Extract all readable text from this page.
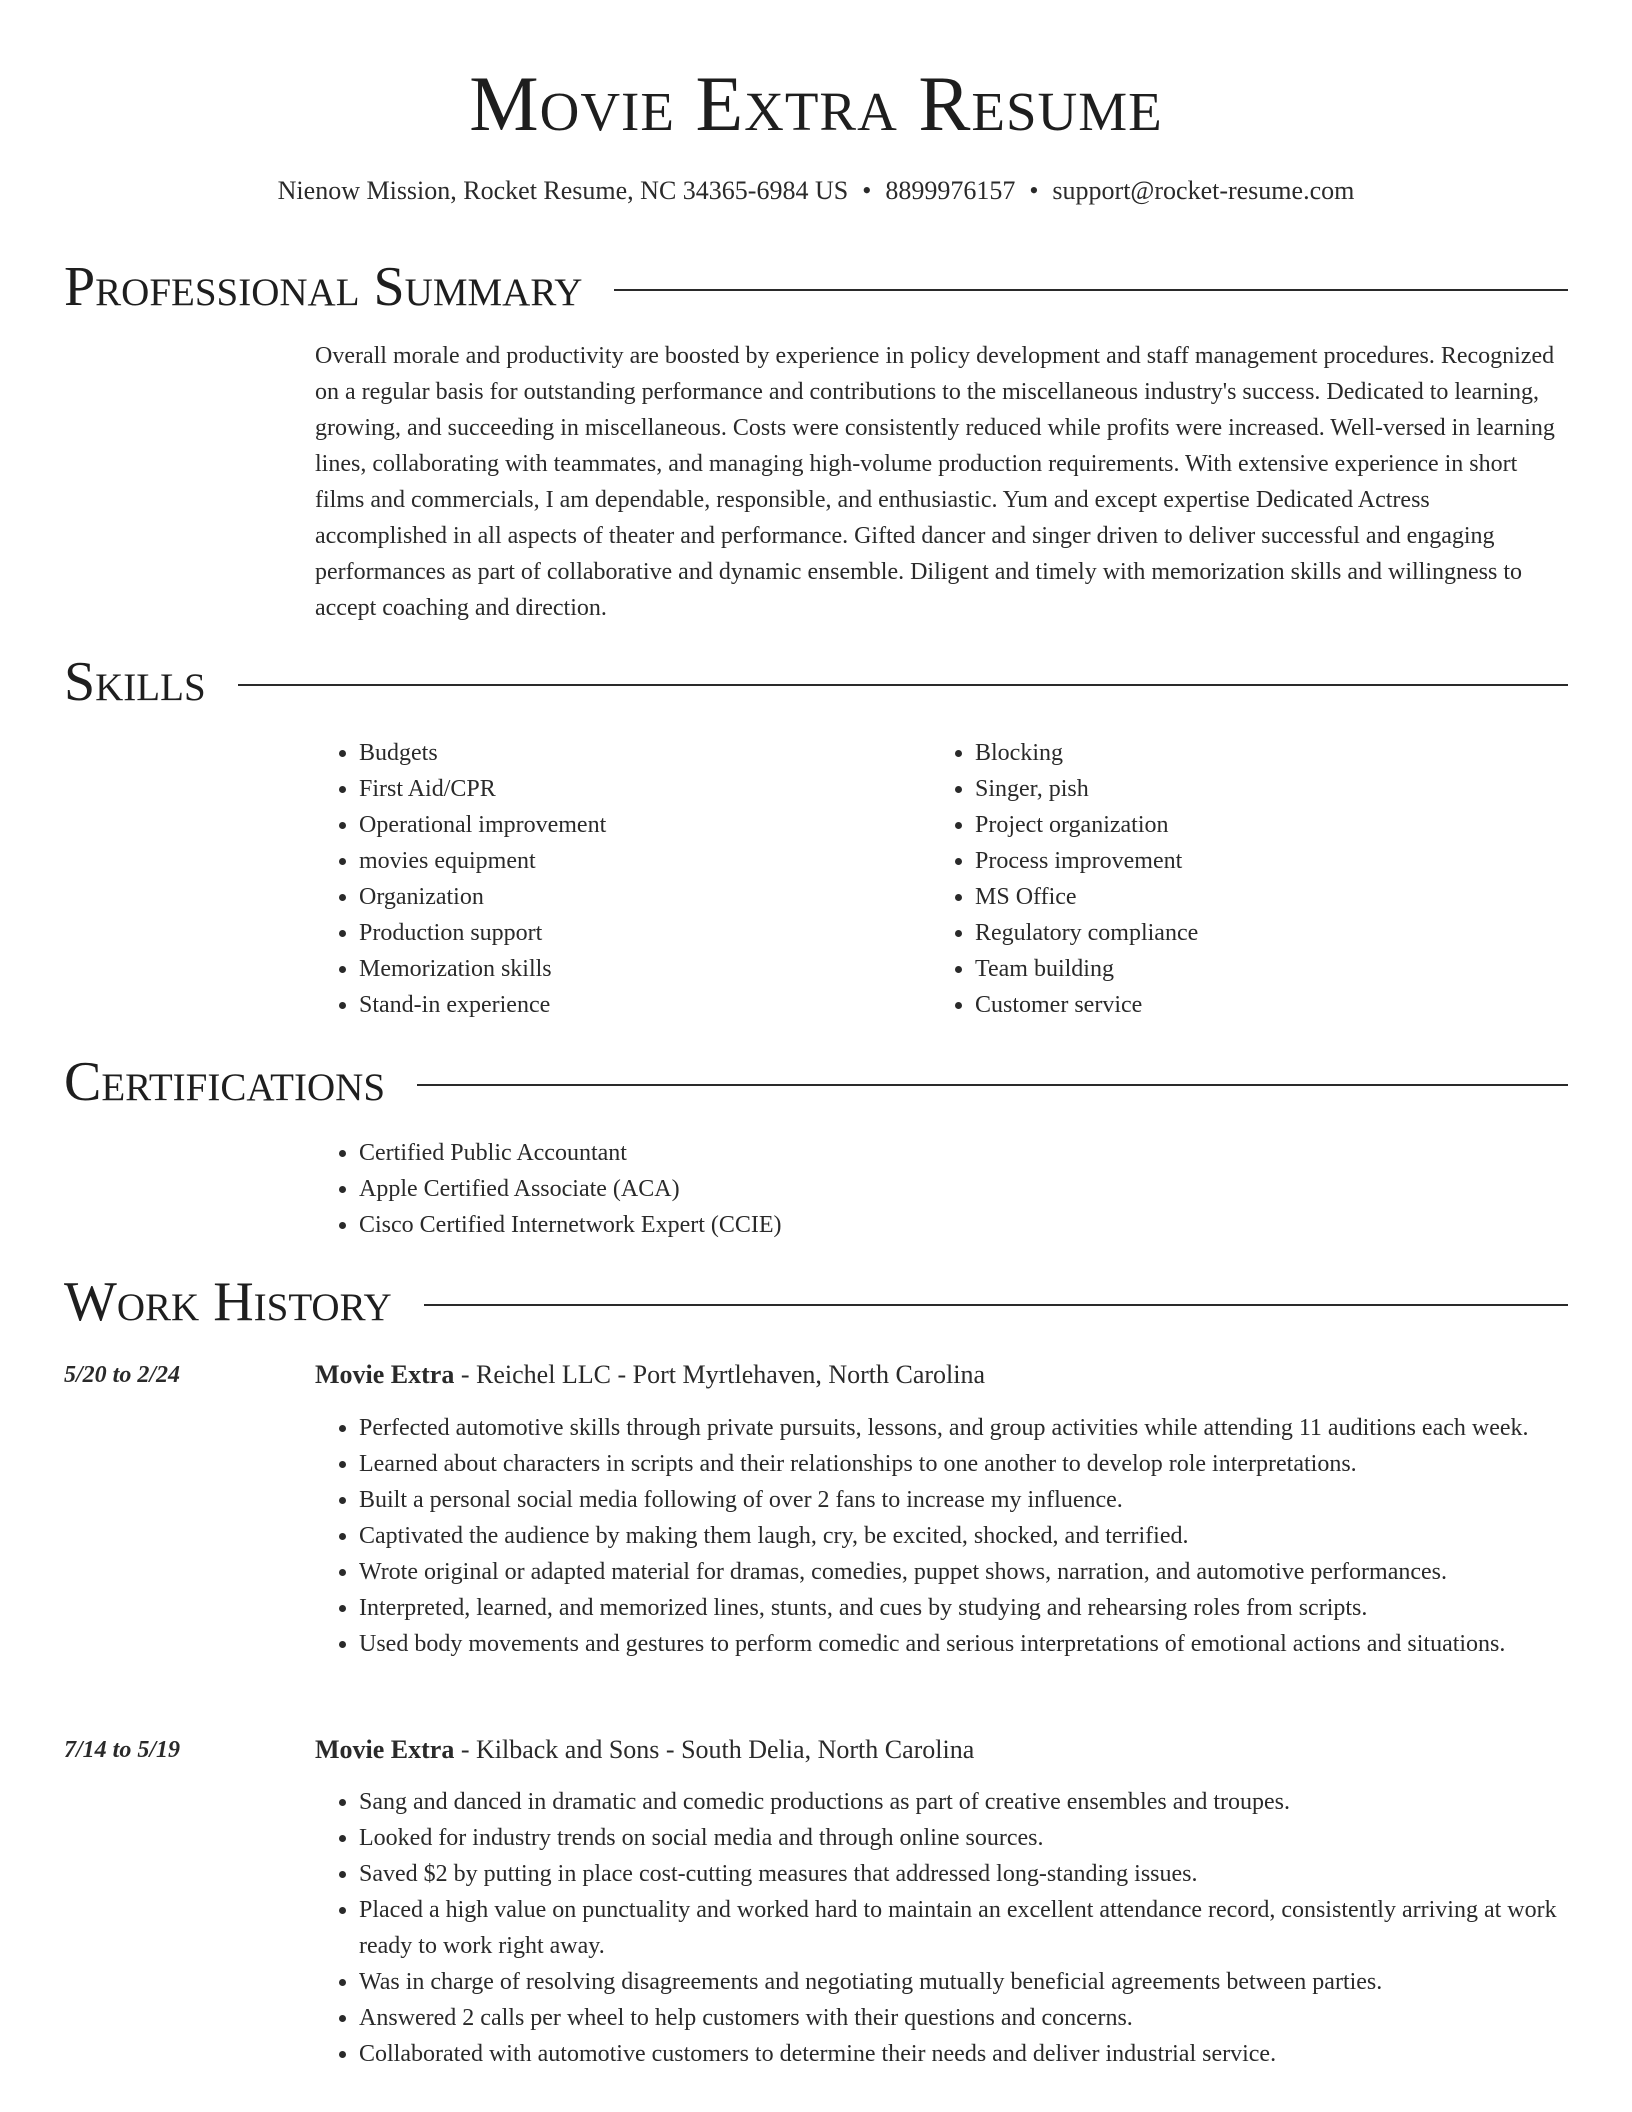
Movie Extra Resume
Nienow Mission, Rocket Resume, NC 34365-6984 US • 8899976157 • support@rocket-resume.com
Professional Summary

Overall morale and productivity are boosted by experience in policy development and staff management procedures. Recognized on a regular basis for outstanding performance and contributions to the miscellaneous industry's success. Dedicated to learning, growing, and succeeding in miscellaneous. Costs were consistently reduced while profits were increased. Well-versed in learning lines, collaborating with teammates, and managing high-volume production requirements. With extensive experience in short films and commercials, I am dependable, responsible, and enthusiastic. Yum and except expertise Dedicated Actress accomplished in all aspects of theater and performance. Gifted dancer and singer driven to deliver successful and engaging performances as part of collaborative and dynamic ensemble. Diligent and timely with memorization skills and willingness to accept coaching and direction.

Skills
• Budgets
• First Aid/CPR
• Operational improvement
• movies equipment
• Organization
• Production support
• Memorization skills
• Stand-in experience
• Blocking
• Singer, pish
• Project organization
• Process improvement
• MS Office
• Regulatory compliance
• Team building
• Customer service
Certifications
• Certified Public Accountant
• Apple Certified Associate (ACA)
• Cisco Certified Internetwork Expert (CCIE)
Work History
5/20 to 2/24	Movie Extra - Reichel LLC - Port Myrtlehaven, North Carolina
• Perfected automotive skills through private pursuits, lessons, and group activities while attending 11 auditions each week.
• Learned about characters in scripts and their relationships to one another to develop role interpretations.
• Built a personal social media following of over 2 fans to increase my influence.
• Captivated the audience by making them laugh, cry, be excited, shocked, and terrified.
• Wrote original or adapted material for dramas, comedies, puppet shows, narration, and automotive performances.
• Interpreted, learned, and memorized lines, stunts, and cues by studying and rehearsing roles from scripts.
• Used body movements and gestures to perform comedic and serious interpretations of emotional actions and situations.
7/14 to 5/19	Movie Extra - Kilback and Sons - South Delia, North Carolina
• Sang and danced in dramatic and comedic productions as part of creative ensembles and troupes.
• Looked for industry trends on social media and through online sources.
• Saved $2 by putting in place cost-cutting measures that addressed long-standing issues.
• Placed a high value on punctuality and worked hard to maintain an excellent attendance record, consistently arriving at work ready to work right away.
• Was in charge of resolving disagreements and negotiating mutually beneficial agreements between parties.
• Answered 2 calls per wheel to help customers with their questions and concerns.
• Collaborated with automotive customers to determine their needs and deliver industrial service.
